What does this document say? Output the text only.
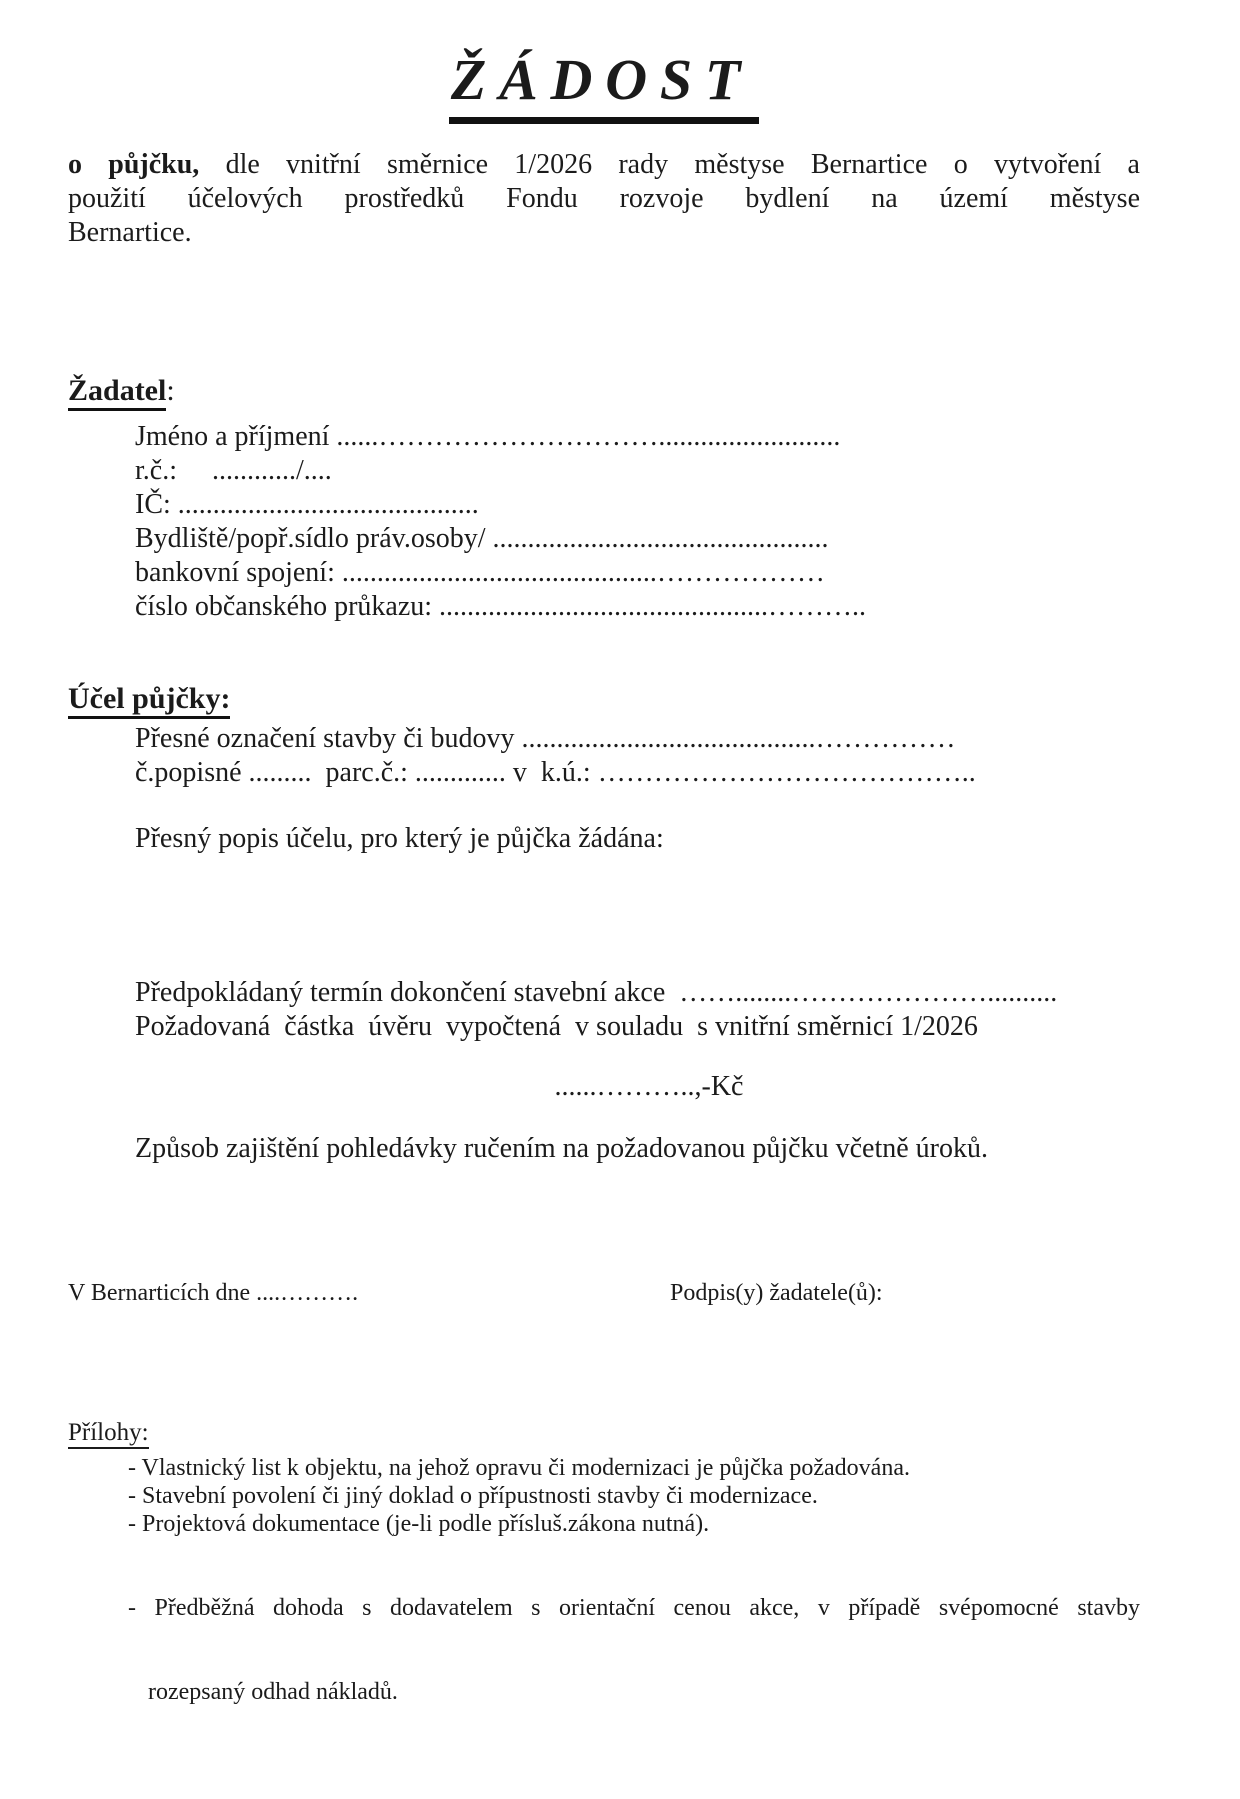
ŽÁDOST
o půjčku, dle vnitřní směrnice 1/2026 rady městyse Bernartice o vytvoření a
použití účelových prostředků Fondu rozvoje bydlení na území městyse
Bernartice.
Žadatel:
Jméno a příjmení ......…………………………..........................
r.č.:     ............/....
IČ: ...........................................
Bydliště/popř.sídlo práv.osoby/ ................................................
bankovní spojení: .............................................………………
číslo občanského průkazu: ...............................................………..
Účel půjčky:
Přesné označení stavby či budovy ..........................................……………
č.popisné .........  parc.č.: ............. v  k.ú.: …………………………………..
Přesný popis účelu, pro který je půjčka žádána:
Předpokládaný termín dokončení stavební akce  ……........…………………..........
Požadovaná  částka  úvěru  vypočtená  v souladu  s vnitřní směrnicí 1/2026
......………..,-Kč
Způsob zajištění pohledávky ručením na požadovanou půjčku včetně úroků.

V Bernarticích dne ....……….

	Podpis(y) žadatele(ů):

Přílohy:
- Vlastnický list k objektu, na jehož opravu či modernizaci je půjčka požadována.
- Stavební povolení či jiný doklad o přípustnosti stavby či modernizace.
- Projektová dokumentace (je-li podle přísluš.zákona nutná).

- Předběžná dohoda s dodavatelem s orientační cenou akce, v případě svépomocné stavby

rozepsaný odhad nákladů.
